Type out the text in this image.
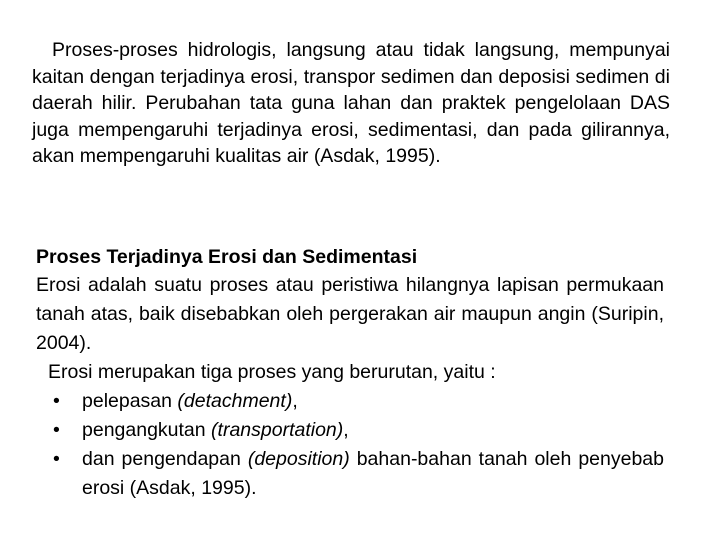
Proses-proses hidrologis, langsung atau tidak langsung, mempunyai kaitan dengan terjadinya erosi, transpor sedimen dan deposisi sedimen di daerah hilir. Perubahan tata guna lahan dan praktek pengelolaan DAS juga mempengaruhi terjadinya erosi, sedimentasi, dan pada gilirannya, akan mempengaruhi kualitas air (Asdak, 1995).

Proses Terjadinya Erosi dan Sedimentasi

Erosi adalah suatu proses atau peristiwa hilangnya lapisan permukaan tanah atas, baik disebabkan oleh pergerakan air maupun angin (Suripin, 2004).

Erosi merupakan tiga proses yang berurutan, yaitu :

• pelepasan (detachment),
• pengangkutan (transportation),
• dan pengendapan (deposition) bahan-bahan tanah oleh penyebab erosi (Asdak, 1995).
